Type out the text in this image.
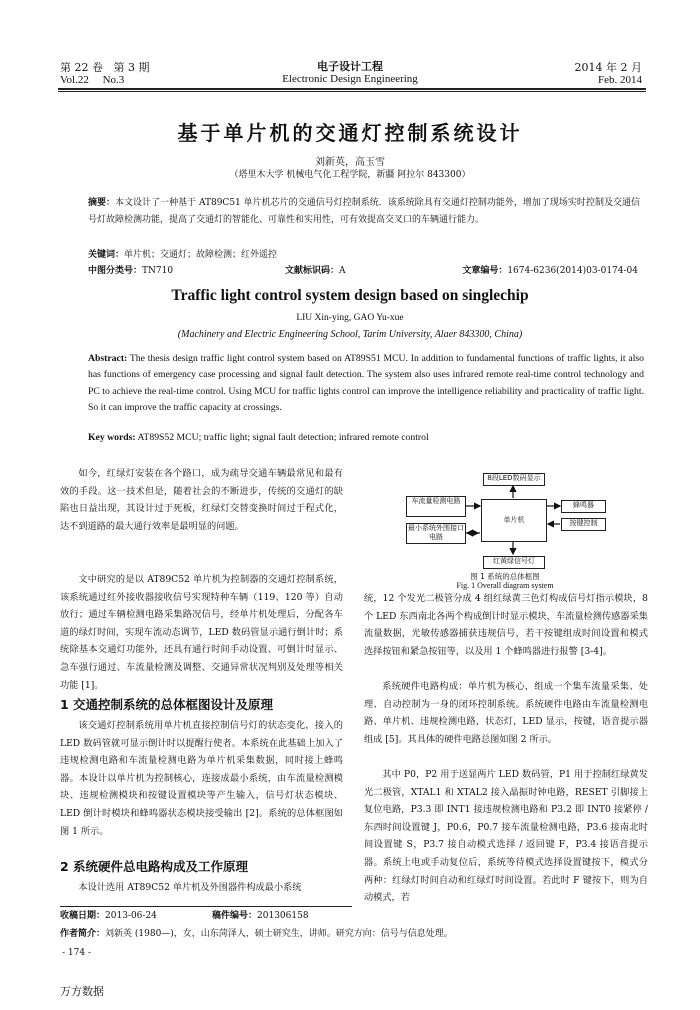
第 22 卷 第 3 期
Vol.22 No.3
电子设计工程
Electronic Design Engineering
2014 年 2 月
Feb. 2014
基于单片机的交通灯控制系统设计
刘新英，高玉雪
（塔里木大学 机械电气化工程学院，新疆 阿拉尔 843300）
摘要：本文设计了一种基于 AT89C51 单片机芯片的交通信号灯控制系统．该系统除具有交通灯控制功能外，增加了现场实时控制及交通信号灯故障检测功能，提高了交通灯的智能化、可靠性和实用性，可有效提高交叉口的车辆通行能力。
关键词：单片机；交通灯；故障检测；红外遥控
中图分类号：TN710	文献标识码：A	文章编号：1674-6236(2014)03-0174-04
Traffic light control system design based on singlechip
LIU Xin-ying, GAO Yu-xue
(Machinery and Electric Engineering School, Tarim University, Alaer 843300, China)
Abstract: The thesis design traffic light control system based on AT89S51 MCU. In addition to fundamental functions of traffic lights, it also has functions of emergency case processing and signal fault detection. The system also uses infrared remote real-time control technology and PC to achieve the real-time control. Using MCU for traffic lights control can improve the intelligence reliability and practicality of traffic light. So it can improve the traffic capacity at crossings.
Key words: AT89S52 MCU; traffic light; signal fault detection; infrared remote control
如今，红绿灯安装在各个路口，成为疏导交通车辆最常见和最有效的手段。这一技术但是，随着社会的不断进步，传统的交通灯的缺陷也日益出现，其设计过于死板，红绿灯交替变换时间过于程式化，达不到道路的最大通行效率是最明显的问题。
文中研究的是以 AT89C52 单片机为控制器的交通灯控制系统，该系统通过红外接收器接收信号实现特种车辆（119、120 等）自动放行；通过车辆检测电路采集路况信号，经单片机处理后，分配各车道的绿灯时间，实现车流动态调节，LED 数码管显示通行倒计时；系统除基本交通灯功能外，还具有通行时间手动设置、可倒计时显示、急车强行通过、车流量检测及调整、交通异常状况判别及处理等相关功能 [1]。
1 交通控制系统的总体框图设计及原理
该交通灯控制系统用单片机直接控制信号灯的状态变化，接入的 LED 数码管就可显示倒计时以提醒行使者。本系统在此基础上加入了违规检测电路和车流量检测电路为单片机采集数据，同时接上蜂鸣器。本设计以单片机为控制核心，连接成最小系统，由车流量检测模块、违规检测模块和按键设置模块等产生输入，信号灯状态模块、LED 倒计时模块和蜂鸣器状态模块接受输出 [2]。系统的总体框图如图 1 所示。
2 系统硬件总电路构成及工作原理
本设计选用 AT89C52 单片机及外围器件构成最小系统
8段LED数码显示
车流量检测电路
单片机
蜂鸣器
最小系统外围接口电路
按键控制
红黄绿信号灯
图 1 系统的总体框图
Fig. 1 Overall diagram system
统，12 个发光二极管分成 4 组红绿黄三色灯构成信号灯指示模块，8 个 LED 东西南北各两个构成倒计时显示模块，车流量检测传感器采集流量数据，光敏传感器捕获违规信号，若干按键组成时间设置和模式选择按钮和紧急按钮等，以及用 1 个蜂鸣器进行报警 [3-4]。
系统硬件电路构成：单片机为核心，组成一个集车流量采集、处理、自动控制为一身的闭环控制系统。系统硬件电路由车流量检测电路、单片机、违规检测电路，状态灯，LED 显示，按键，语音提示器组成 [5]。其具体的硬件电路总图如图 2 所示。
其中 P0，P2 用于送显两片 LED 数码管，P1 用于控制红绿黄发光二极管，XTAL1 和 XTAL2 接入晶振时钟电路，RESET 引脚接上复位电路，P3.3 即 INT1 接违规检测电路和 P3.2 即 INT0 接紧停 / 东西时间设置键 J，P0.6，P0.7 接车流量检测电路，P3.6 接南北时间设置键 S，P3.7 接自动模式选择 / 返回键 F，P3.4 接语音提示器。系统上电或手动复位后，系统等待模式选择设置键按下，模式分两种：红绿灯时间自动和红绿灯时间设置。若此时 F 键按下，则为自动模式，若
收稿日期：2013-06-24	稿件编号：201306158
作者简介：刘新英 (1980—)，女，山东菏泽人，硕士研究生，讲师。研究方向：信号与信息处理。
- 174 -
万方数据
